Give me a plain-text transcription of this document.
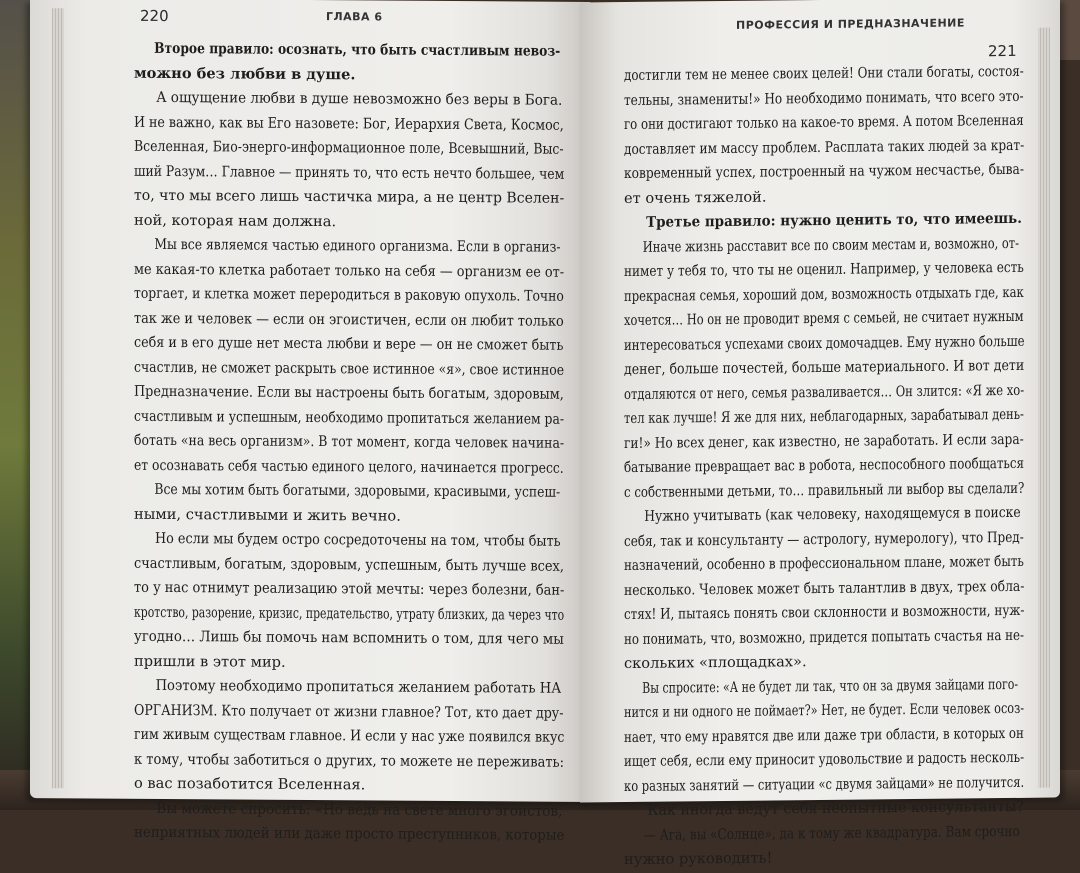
220	ГЛАВА 6
Второе правило: осознать, что быть счастливым невоз-
можно без любви в душе.
А ощущение любви в душе невозможно без веры в Бога.
И не важно, как вы Его назовете: Бог, Иерархия Света, Космос,
Вселенная, Био-энерго-информационное поле, Всевышний, Выс-
ший Разум… Главное — принять то, что есть нечто большее, чем
то, что мы всего лишь частичка мира, а не центр Вселен-
ной, которая нам должна.
Мы все являемся частью единого организма. Если в организ-
ме какая-то клетка работает только на себя — организм ее от-
торгает, и клетка может переродиться в раковую опухоль. Точно
так же и человек — если он эгоистичен, если он любит только
себя и в его душе нет места любви и вере — он не сможет быть
счастлив, не сможет раскрыть свое истинное «я», свое истинное
Предназначение. Если вы настроены быть богатым, здоровым,
счастливым и успешным, необходимо пропитаться желанием ра-
ботать «на весь организм». В тот момент, когда человек начина-
ет осознавать себя частью единого целого, начинается прогресс.
Все мы хотим быть богатыми, здоровыми, красивыми, успеш-
ными, счастливыми и жить вечно.
Но если мы будем остро сосредоточены на том, чтобы быть
счастливым, богатым, здоровым, успешным, быть лучше всех,
то у нас отнимут реализацию этой мечты: через болезни, бан-
кротство, разорение, кризис, предательство, утрату близких, да через что
угодно… Лишь бы помочь нам вспомнить о том, для чего мы
пришли в этот мир.
Поэтому необходимо пропитаться желанием работать НА
ОРГАНИЗМ. Кто получает от жизни главное? Тот, кто дает дру-
гим живым существам главное. И если у нас уже появился вкус
к тому, чтобы заботиться о других, то можете не переживать:
о вас позаботится Вселенная.
Вы можете спросить: «Но ведь на свете много эгоистов,
неприятных людей или даже просто преступников, которые
ПРОФЕССИЯ И ПРЕДНАЗНАЧЕНИЕ
221
достигли тем не менее своих целей! Они стали богаты, состоя-
тельны, знамениты!» Но необходимо понимать, что всего это-
го они достигают только на какое-то время. А потом Вселенная
доставляет им массу проблем. Расплата таких людей за крат-
ковременный успех, построенный на чужом несчастье, быва-
ет очень тяжелой.
Третье правило: нужно ценить то, что имеешь.
Иначе жизнь расставит все по своим местам и, возможно, от-
нимет у тебя то, что ты не оценил. Например, у человека есть
прекрасная семья, хороший дом, возможность отдыхать где, как
хочется… Но он не проводит время с семьей, не считает нужным
интересоваться успехами своих домочадцев. Ему нужно больше
денег, больше почестей, больше материального. И вот дети
отдаляются от него, семья разваливается… Он злится: «Я же хо-
тел как лучше! Я же для них, неблагодарных, зарабатывал день-
ги!» Но всех денег, как известно, не заработать. И если зара-
батывание превращает вас в робота, неспособного пообщаться
с собственными детьми, то… правильный ли выбор вы сделали?
Нужно учитывать (как человеку, находящемуся в поиске
себя, так и консультанту — астрологу, нумерологу), что Пред-
назначений, особенно в профессиональном плане, может быть
несколько. Человек может быть талантлив в двух, трех обла-
стях! И, пытаясь понять свои склонности и возможности, нуж-
но понимать, что, возможно, придется попытать счастья на не-
скольких «площадках».
Вы спросите: «А не будет ли так, что он за двумя зайцами пого-
нится и ни одного не поймает?» Нет, не будет. Если человек осоз-
нает, что ему нравятся две или даже три области, в которых он
ищет себя, если ему приносит удовольствие и радость несколь-
ко разных занятий — ситуации «с двумя зайцами» не получится.
Как иногда ведут себя неопытные консультанты?
— Ага, вы «Солнце», да к тому же квадратура. Вам срочно
нужно руководить!
